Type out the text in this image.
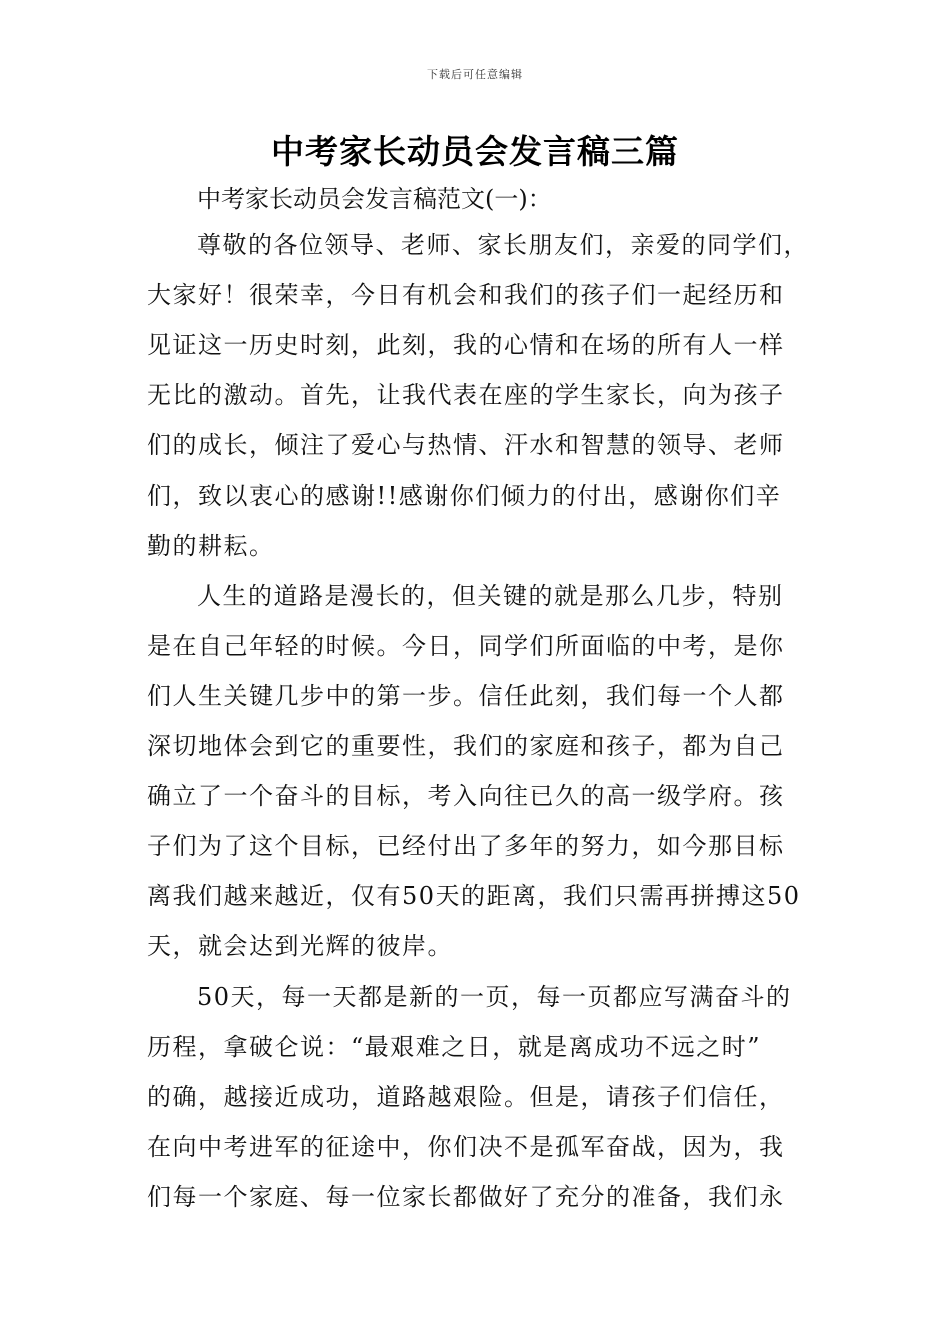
下载后可任意编辑
中考家长动员会发言稿三篇
中考家长动员会发言稿范文(一)：
尊敬的各位领导、老师、家长朋友们，亲爱的同学们，
大家好！很荣幸，今日有机会和我们的孩子们一起经历和
见证这一历史时刻，此刻，我的心情和在场的所有人一样
无比的激动。首先，让我代表在座的学生家长，向为孩子
们的成长，倾注了爱心与热情、汗水和智慧的领导、老师
们，致以衷心的感谢!!感谢你们倾力的付出，感谢你们辛
勤的耕耘。
人生的道路是漫长的，但关键的就是那么几步，特别
是在自己年轻的时候。今日，同学们所面临的中考，是你
们人生关键几步中的第一步。信任此刻，我们每一个人都
深切地体会到它的重要性，我们的家庭和孩子，都为自己
确立了一个奋斗的目标，考入向往已久的高一级学府。孩
子们为了这个目标，已经付出了多年的努力，如今那目标
离我们越来越近，仅有50天的距离，我们只需再拼搏这50
天，就会达到光辉的彼岸。
50天，每一天都是新的一页，每一页都应写满奋斗的
历程，拿破仑说：“最艰难之日，就是离成功不远之时”
的确，越接近成功，道路越艰险。但是，请孩子们信任，
在向中考进军的征途中，你们决不是孤军奋战，因为，我
们每一个家庭、每一位家长都做好了充分的准备，我们永
